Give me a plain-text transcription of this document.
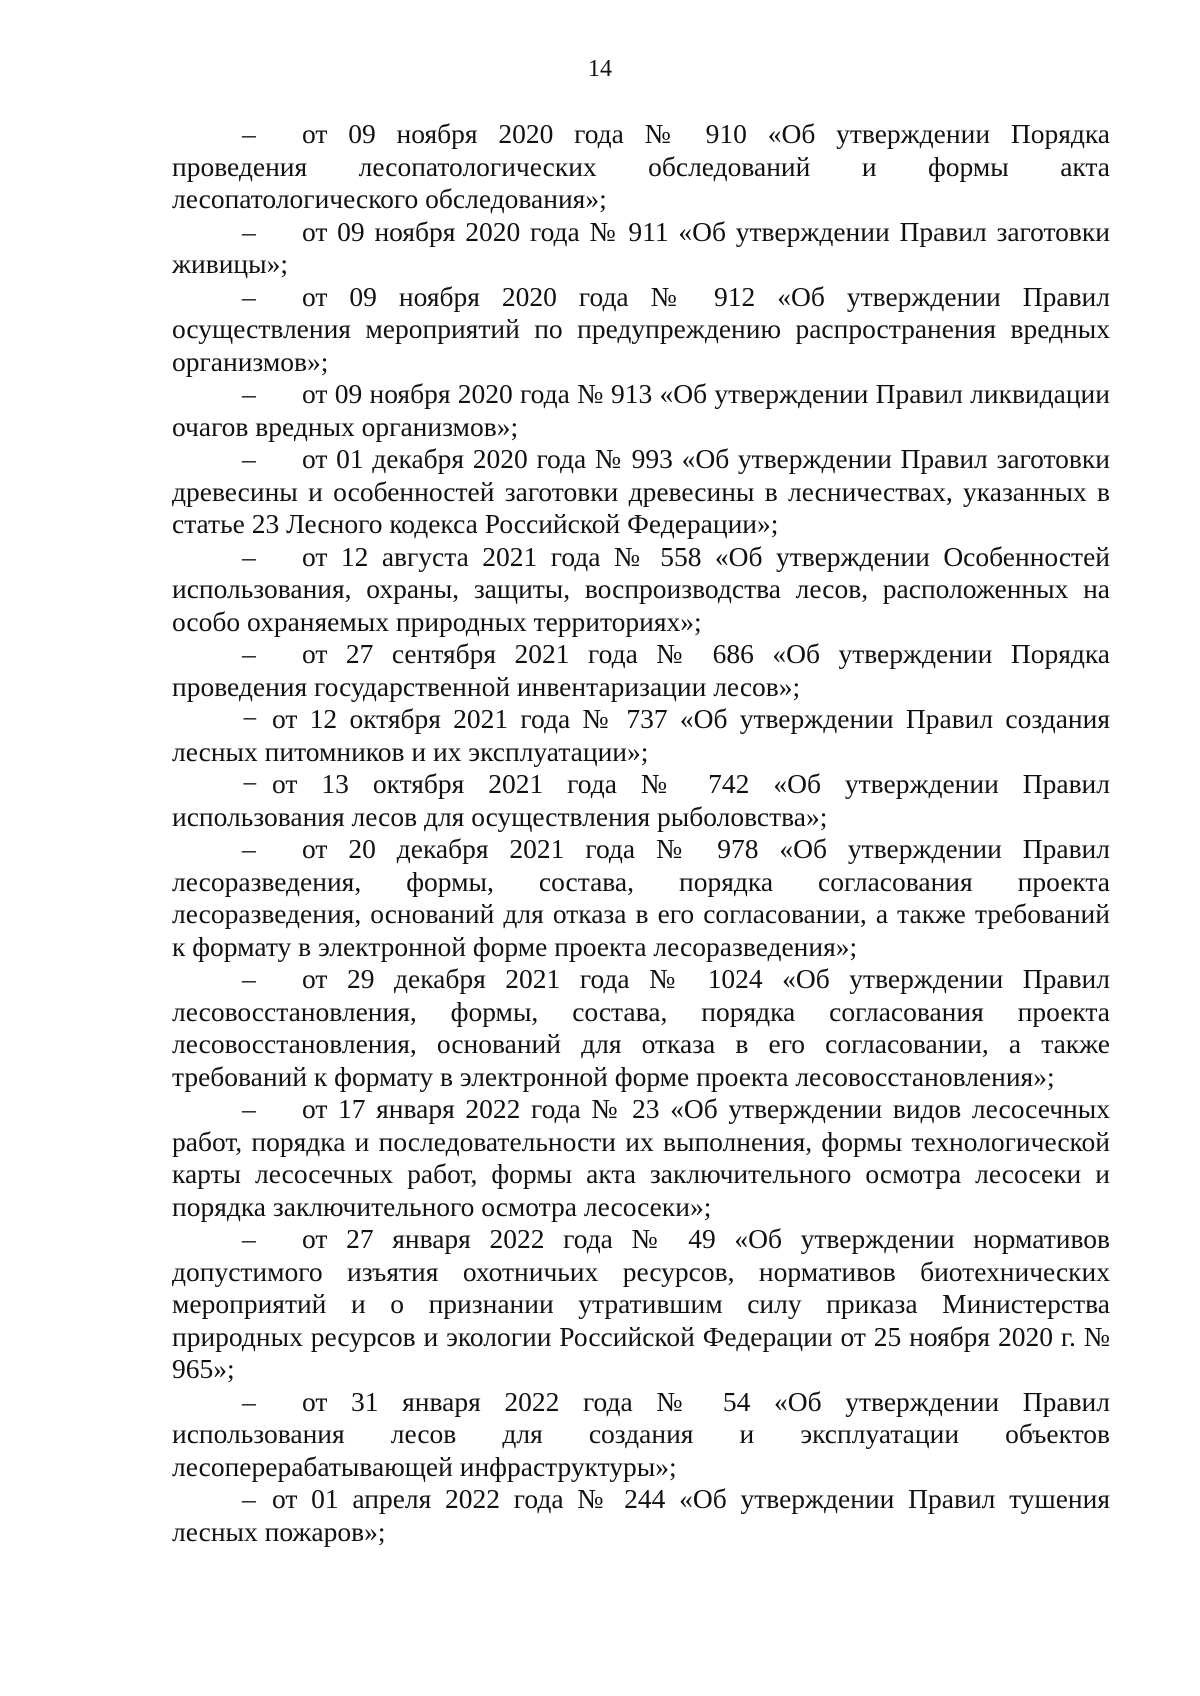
14

– от 09 ноября 2020 года № 910 «Об утверждении Порядка проведения лесопатологических обследований и формы акта лесопатологического обследования»;

– от 09 ноября 2020 года № 911 «Об утверждении Правил заготовки живицы»;

– от 09 ноября 2020 года № 912 «Об утверждении Правил осуществления мероприятий по предупреждению распространения вредных организмов»;

– от 09 ноября 2020 года № 913 «Об утверждении Правил ликвидации очагов вредных организмов»;

– от 01 декабря 2020 года № 993 «Об утверждении Правил заготовки древесины и особенностей заготовки древесины в лесничествах, указанных в статье 23 Лесного кодекса Российской Федерации»;

– от 12 августа 2021 года № 558 «Об утверждении Особенностей использования, охраны, защиты, воспроизводства лесов, расположенных на особо охраняемых природных территориях»;

– от 27 сентября 2021 года № 686 «Об утверждении Порядка проведения государственной инвентаризации лесов»;

− от 12 октября 2021 года № 737 «Об утверждении Правил создания лесных питомников и их эксплуатации»;

− от 13 октября 2021 года № 742 «Об утверждении Правил использования лесов для осуществления рыболовства»;

– от 20 декабря 2021 года № 978 «Об утверждении Правил лесоразведения, формы, состава, порядка согласования проекта лесоразведения, оснований для отказа в его согласовании, а также требований к формату в электронной форме проекта лесоразведения»;

– от 29 декабря 2021 года № 1024 «Об утверждении Правил лесовосстановления, формы, состава, порядка согласования проекта лесовосстановления, оснований для отказа в его согласовании, а также требований к формату в электронной форме проекта лесовосстановления»;

– от 17 января 2022 года № 23 «Об утверждении видов лесосечных работ, порядка и последовательности их выполнения, формы технологической карты лесосечных работ, формы акта заключительного осмотра лесосеки и порядка заключительного осмотра лесосеки»;

– от 27 января 2022 года № 49 «Об утверждении нормативов допустимого изъятия охотничьих ресурсов, нормативов биотехнических мероприятий и о признании утратившим силу приказа Министерства природных ресурсов и экологии Российской Федерации от 25 ноября 2020 г. № 965»;

– от 31 января 2022 года № 54 «Об утверждении Правил использования лесов для создания и эксплуатации объектов лесоперерабатывающей инфраструктуры»;

– от 01 апреля 2022 года № 244 «Об утверждении Правил тушения лесных пожаров»;
